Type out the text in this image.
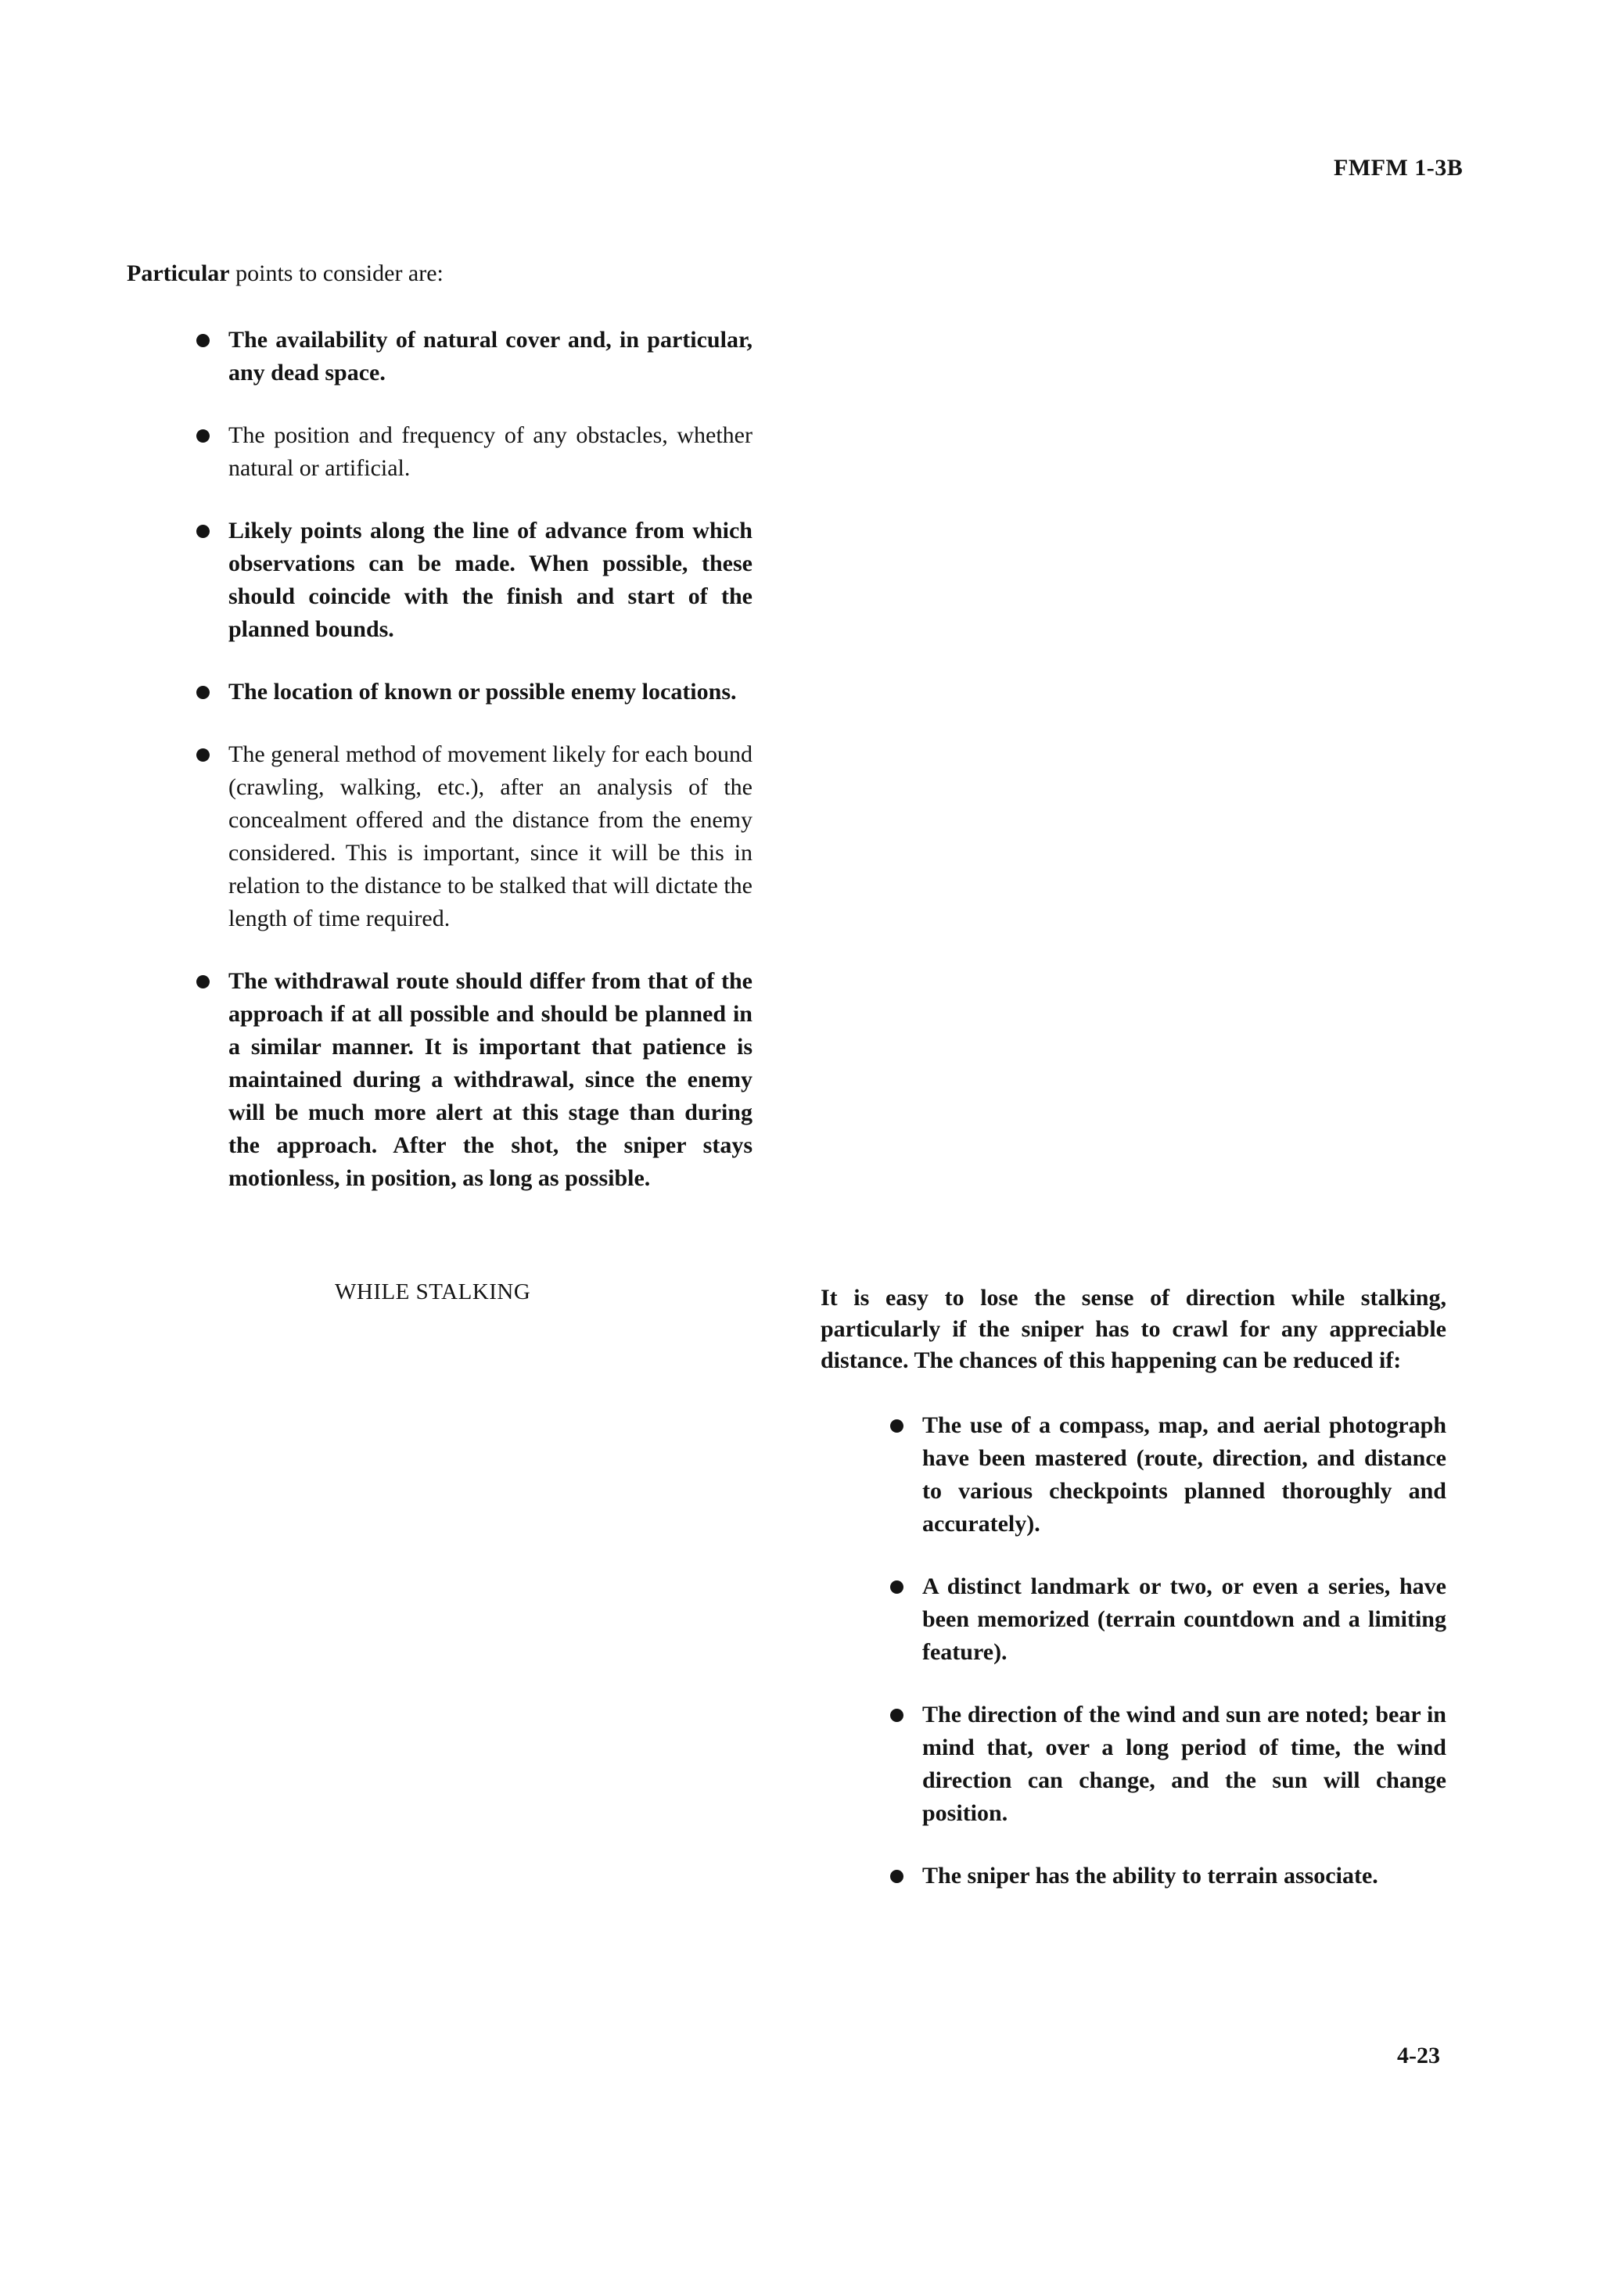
FMFM 1-3B
Particular points to consider are:
The availability of natural cover and, in particular, any dead space.
The position and frequency of any obstacles, whether natural or artificial.
Likely points along the line of advance from which observations can be made. When possible, these should coincide with the finish and start of the planned bounds.
The location of known or possible enemy locations.
The general method of movement likely for each bound (crawling, walking, etc.), after an analysis of the concealment offered and the distance from the enemy considered. This is important, since it will be this in relation to the distance to be stalked that will dictate the length of time required.
The withdrawal route should differ from that of the approach if at all possible and should be planned in a similar manner. It is important that patience is maintained during a withdrawal, since the enemy will be much more alert at this stage than during the approach. After the shot, the sniper stays motionless, in position, as long as possible.
WHILE STALKING	It is easy to lose the sense of direction while stalking, particularly if the sniper has to crawl for any appreciable distance. The chances of this happening can be reduced if:
The use of a compass, map, and aerial photograph have been mastered (route, direction, and distance to various checkpoints planned thoroughly and accurately).
A distinct landmark or two, or even a series, have been memorized (terrain countdown and a limiting feature).
The direction of the wind and sun are noted; bear in mind that, over a long period of time, the wind direction can change, and the sun will change position.
The sniper has the ability to terrain associate.
4-23
